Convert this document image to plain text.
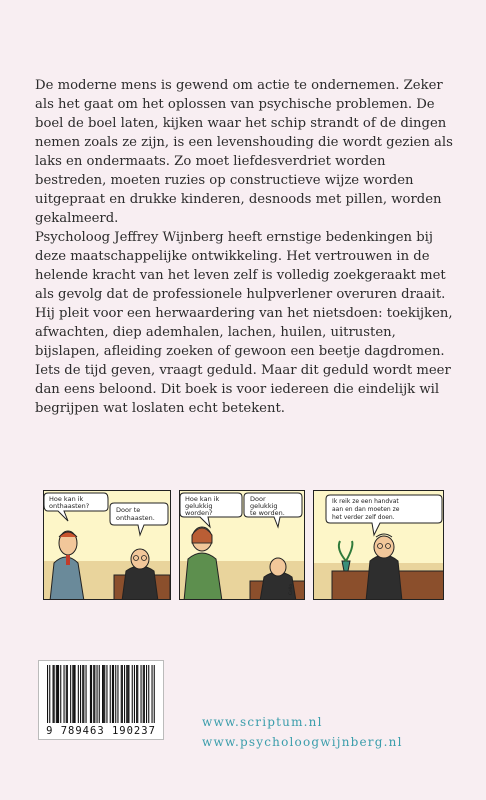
De moderne mens is gewend om actie te ondernemen. Zeker als het gaat om het oplossen van psychische problemen. De boel de boel laten, kijken waar het schip strandt of de dingen nemen zoals ze zijn, is een levenshouding die wordt gezien als laks en ondermaats. Zo moet liefdesverdriet worden bestreden, moeten ruzies op constructieve wijze worden uitgepraat en drukke kinderen, desnoods met pillen, worden gekalmeerd.

Psycholoog Jeffrey Wijnberg heeft ernstige bedenkingen bij deze maatschappelijke ontwikkeling. Het vertrouwen in de helende kracht van het leven zelf is volledig zoekgeraakt met als gevolg dat de professionele hulpverlener overuren draait. Hij pleit voor een herwaardering van het nietsdoen: toekijken, afwachten, diep ademhalen, lachen, huilen, uitrusten, bijslapen, afleiding zoeken of gewoon een beetje dagdromen. Iets de tijd geven, vraagt geduld. Maar dit geduld wordt meer dan eens beloond. Dit boek is voor iedereen die eindelijk wil begrijpen wat loslaten echt betekent.

Hoe kan ik
onthaasten?	Door te
onthaasten.
Hoe kan ik
gelukkig
worden?
Door
gelukkig
te worden.
Cello
Ik reik ze een handvat
aan en dan moeten ze
het verder zelf doen.
9 789463 190237
www.scriptum.nl
www.psycholoogwijnberg.nl
